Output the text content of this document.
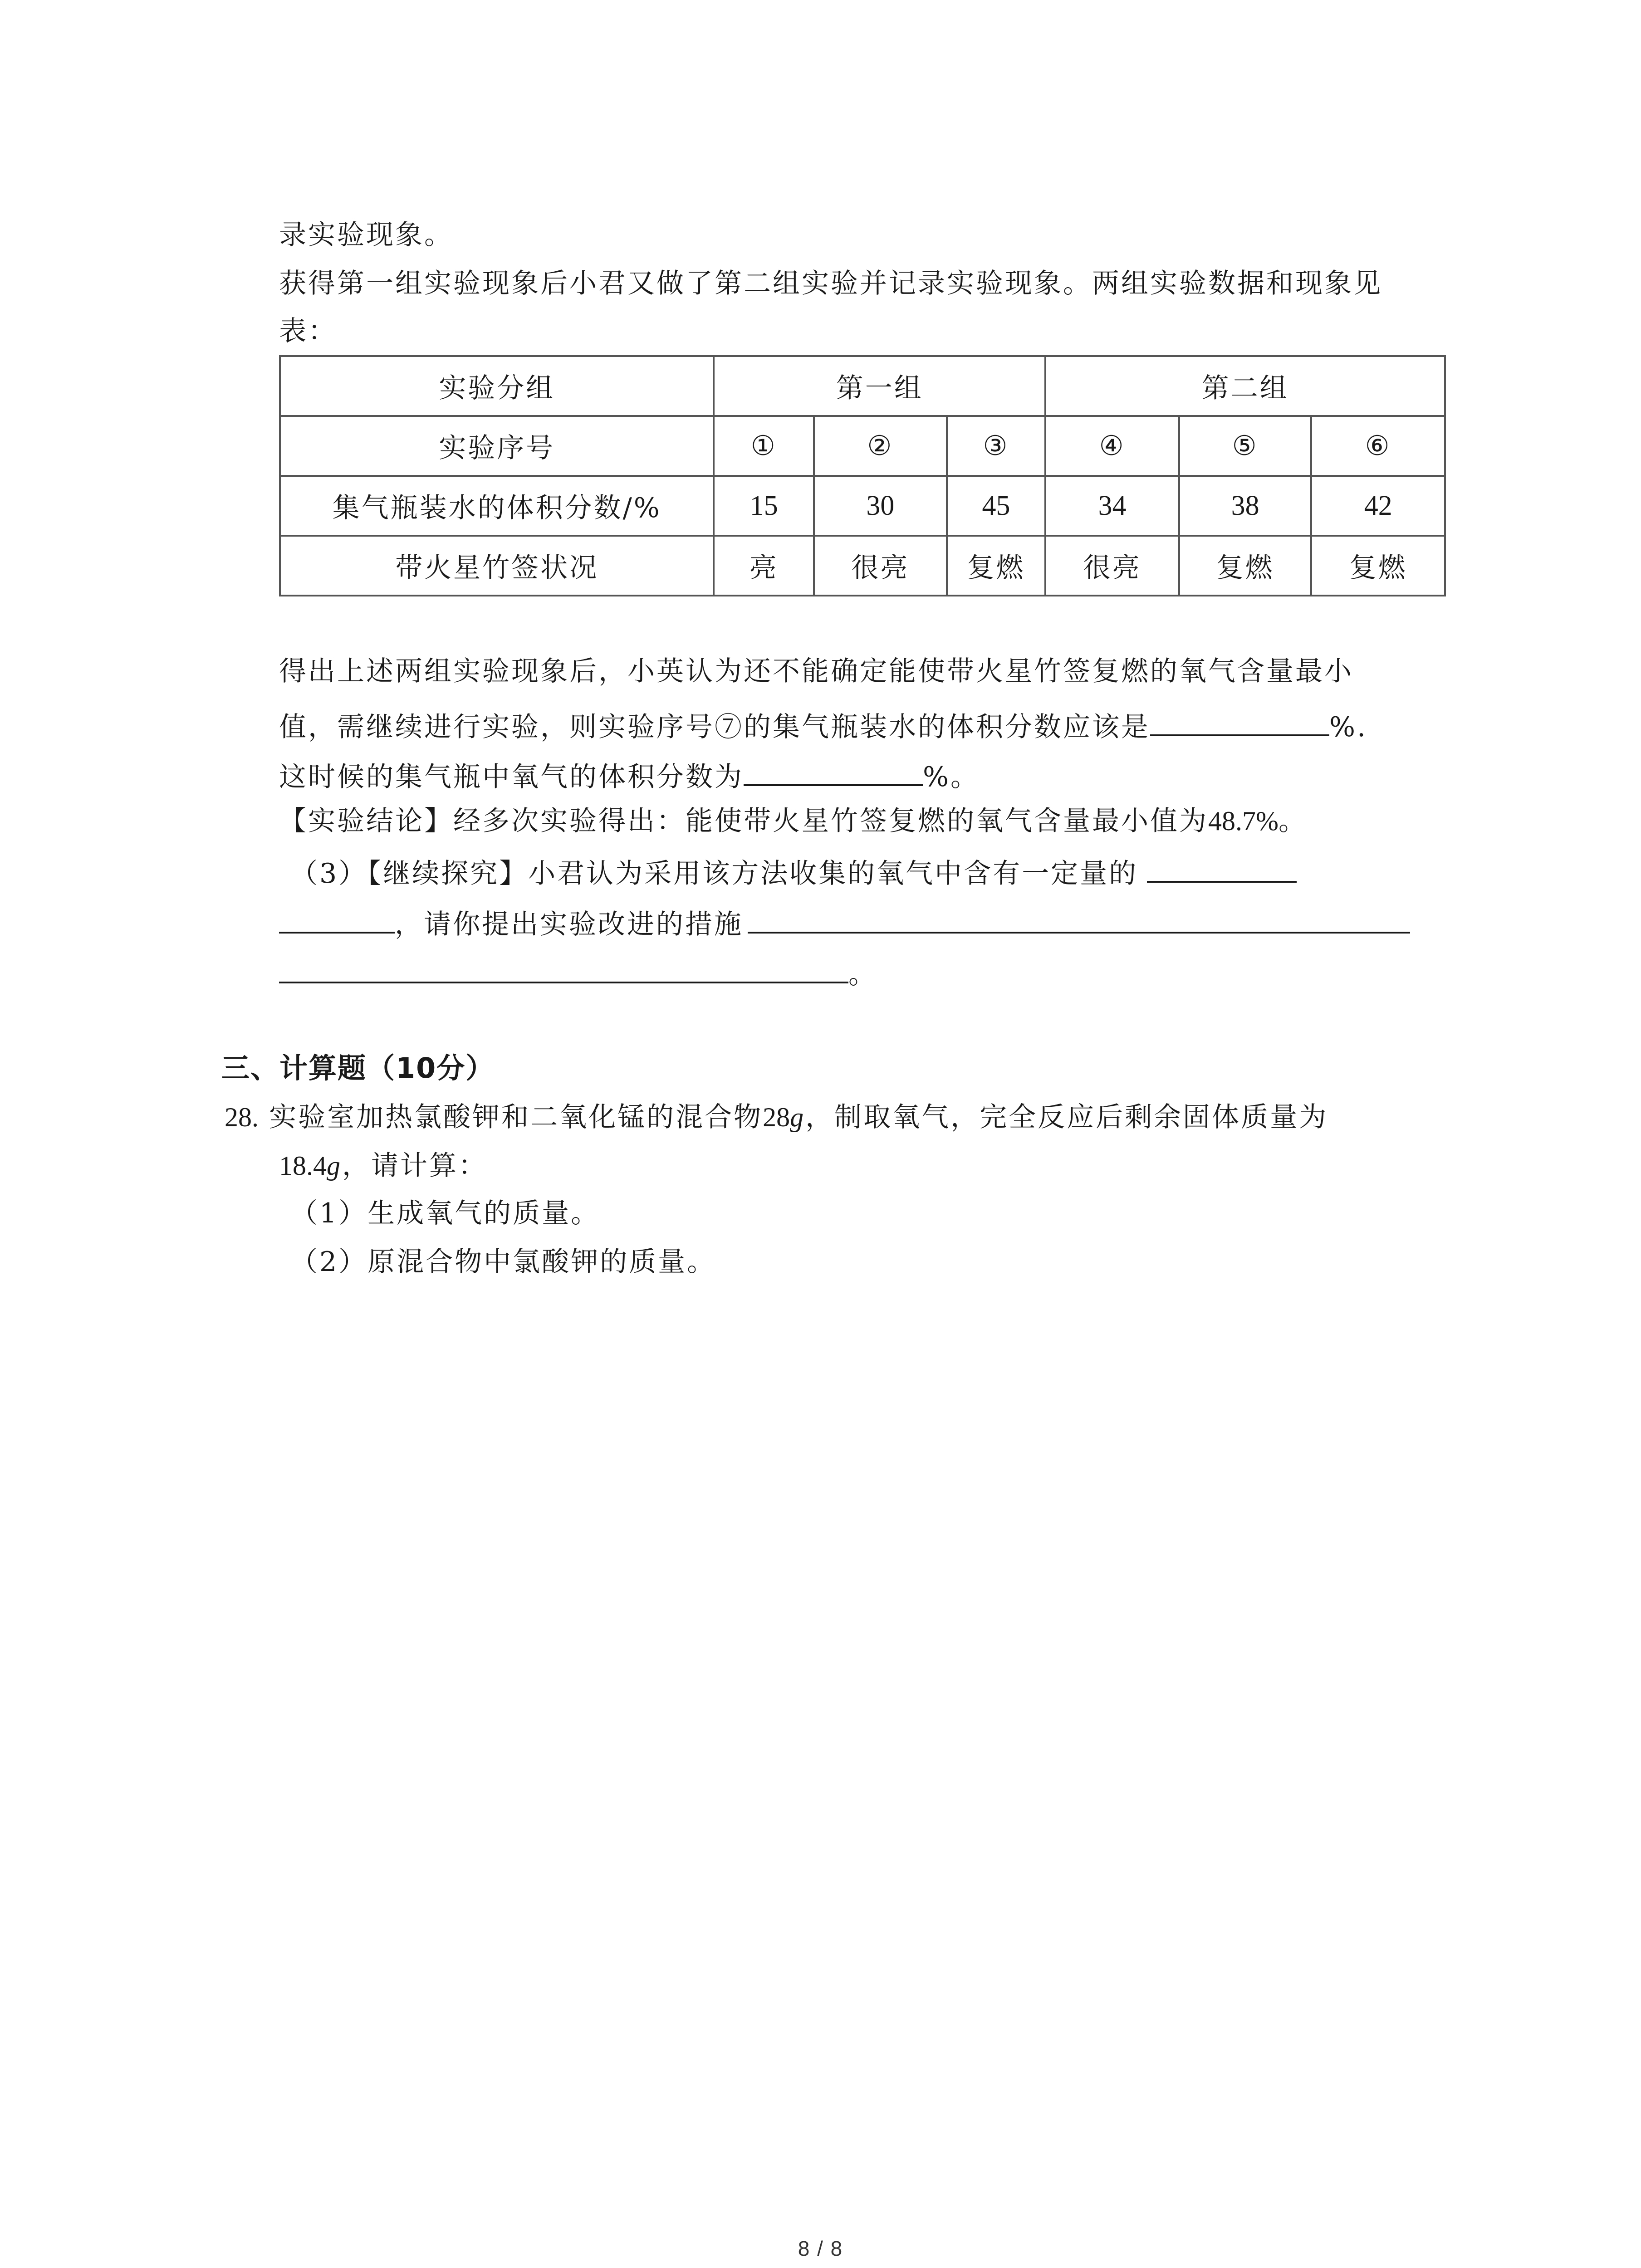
录实验现象。
获得第一组实验现象后小君又做了第二组实验并记录实验现象。两组实验数据和现象见
表：
实验分组	第一组			第二组		
实验序号	①	②	③	④	⑤	⑥
集气瓶装水的体积分数/%	15	30	45	34	38	42
带火星竹签状况	亮	很亮	复燃	很亮	复燃	复燃
得出上述两组实验现象后，小英认为还不能确定能使带火星竹签复燃的氧气含量最小
值，需继续进行实验，则实验序号⑦的集气瓶装水的体积分数应该是	%.
这时候的集气瓶中氧气的体积分数为	%。
【实验结论】经多次实验得出：能使带火星竹签复燃的氧气含量最小值为48.7%。
（3）【继续探究】小君认为采用该方法收集的氧气中含有一定量的
，请你提出实验改进的措施
。
三、计算题（10分）
28. 实验室加热氯酸钾和二氧化锰的混合物28g，制取氧气，完全反应后剩余固体质量为
18.4g，请计算：
（1）生成氧气的质量。
（2）原混合物中氯酸钾的质量。
8 / 8
